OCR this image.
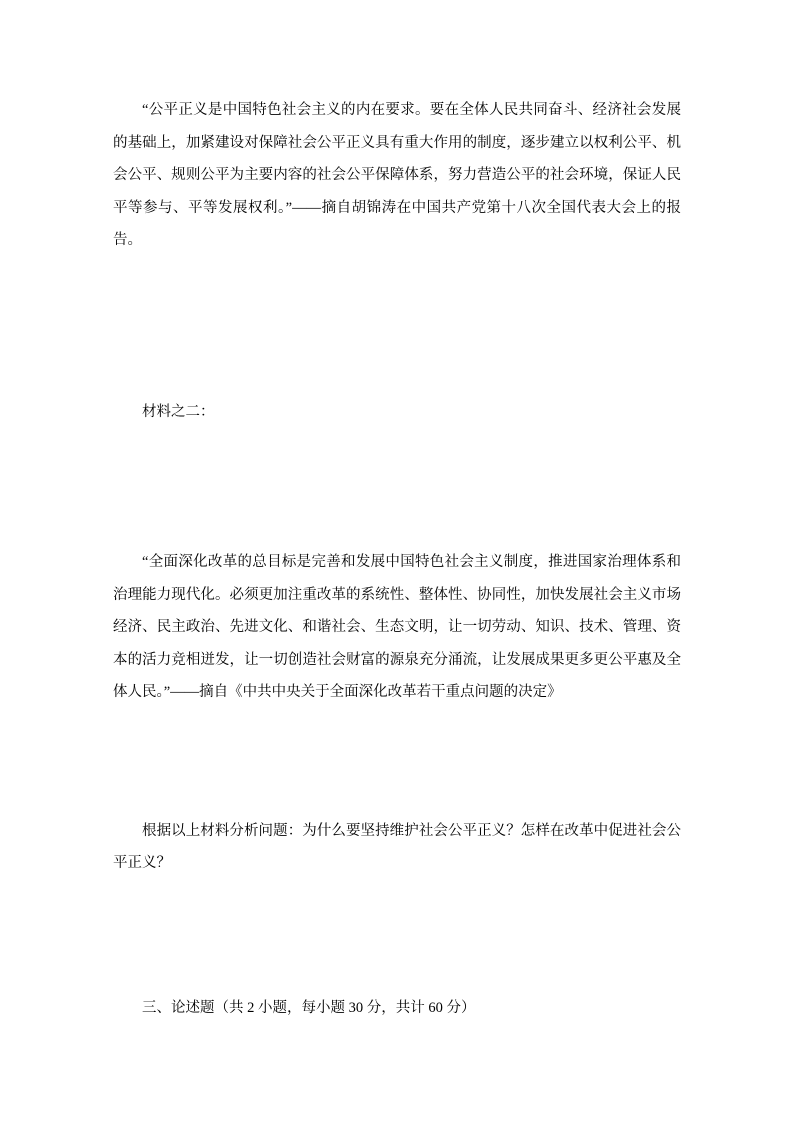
“公平正义是中国特色社会主义的内在要求。要在全体人民共同奋斗、经济社会发展的基础上，加紧建设对保障社会公平正义具有重大作用的制度，逐步建立以权利公平、机会公平、规则公平为主要内容的社会公平保障体系，努力营造公平的社会环境，保证人民平等参与、平等发展权利。”——摘自胡锦涛在中国共产党第十八次全国代表大会上的报告。

材料之二：

“全面深化改革的总目标是完善和发展中国特色社会主义制度，推进国家治理体系和治理能力现代化。必须更加注重改革的系统性、整体性、协同性，加快发展社会主义市场经济、民主政治、先进文化、和谐社会、生态文明，让一切劳动、知识、技术、管理、资本的活力竞相迸发，让一切创造社会财富的源泉充分涌流，让发展成果更多更公平惠及全体人民。”——摘自《中共中央关于全面深化改革若干重点问题的决定》

根据以上材料分析问题：为什么要坚持维护社会公平正义？怎样在改革中促进社会公平正义？

三、论述题（共 2 小题，每小题 30 分，共计 60 分）
